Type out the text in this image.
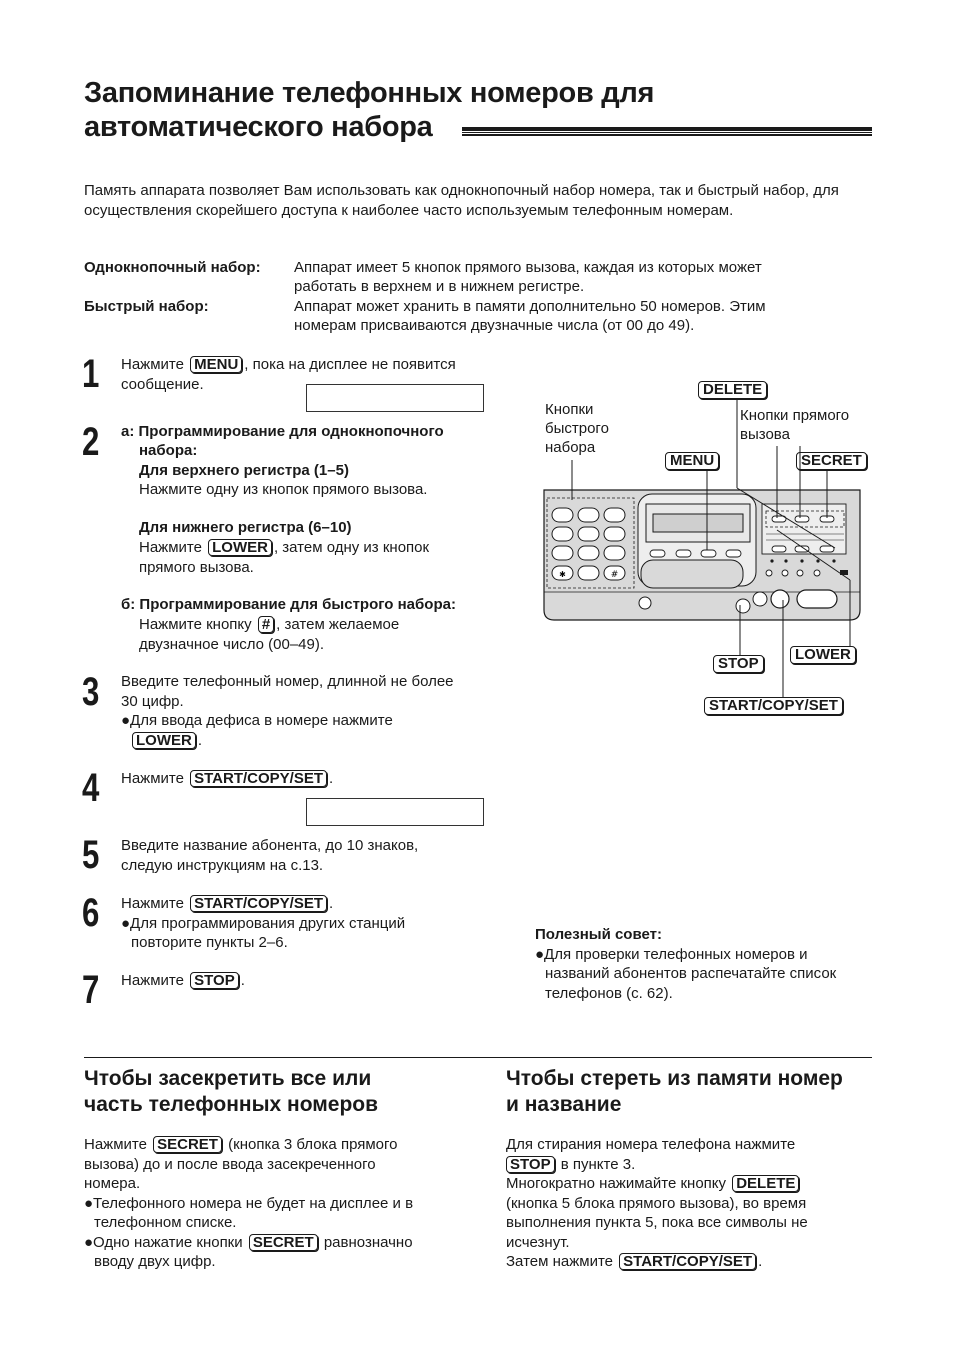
Запоминание телефонных номеров для
автоматического набора
Память аппарата позволяет Вам использовать как однокнопочный набор номера, так и быстрый набор, для осуществления скорейшего доступа к наиболее часто используемым телефонным номерам.
Однокнопочный набор: Аппарат имеет 5 кнопок прямого вызова, каждая из которых может
работать в верхнем и в нижнем регистре.
Быстрый набор:	Аппарат может хранить в памяти дополнительно 50 номеров. Этим
номерам присваиваются двузначные числа (от 00 до 49).
1 Нажмите MENU , пока на дисплее не появится
сообщение.
2 а: Программирование для однокнопочного
набора:
Для верхнего регистра (1–5)
Нажмите одну из кнопок прямого вызова.
Для нижнего регистра (6–10)
Нажмите LOWER , затем одну из кнопок
прямого вызова.
б: Программирование для быстрого набора:
Нажмите кнопку # , затем желаемое
двузначное число (00–49).
3 Введите телефонный номер, длинной не более
30 цифр.
●Для ввода дефиса в номере нажмите
LOWER .
4 Нажмите START/COPY/SET .
5 Введите название абонента, до 10 знаков,
следую инструкциям на с.13.
6 Нажмите START/COPY/SET .
●Для программирования других станций
повторите пункты 2–6.
7 Нажмите STOP .
Кнопки
быстрого
набора
Кнопки прямого
вызова
DELETE
MENU	SECRET
STOP
LOWER
START/COPY/SET
✱	#
Полезный совет:
●Для проверки телефонных номеров и
названий абонентов распечатайте список
телефонов (с. 62).
Чтобы засекретить все или
часть телефонных номеров
Нажмите SECRET (кнопка 3 блока прямого
вызова) до и после ввода засекреченного
номера.
●Телефонного номера не будет на дисплее и в
телефонном списке.
●Одно нажатие кнопки SECRET равнозначно
вводу двух цифр.
Чтобы стереть из памяти номер
и название
Для стирания номера телефона нажмите
STOP в пункте 3.
Многократно нажимайте кнопку DELETE
(кнопка 5 блока прямого вызова), во время
выполнения пункта 5, пока все символы не
исчезнут.
Затем нажмите START/COPY/SET .
